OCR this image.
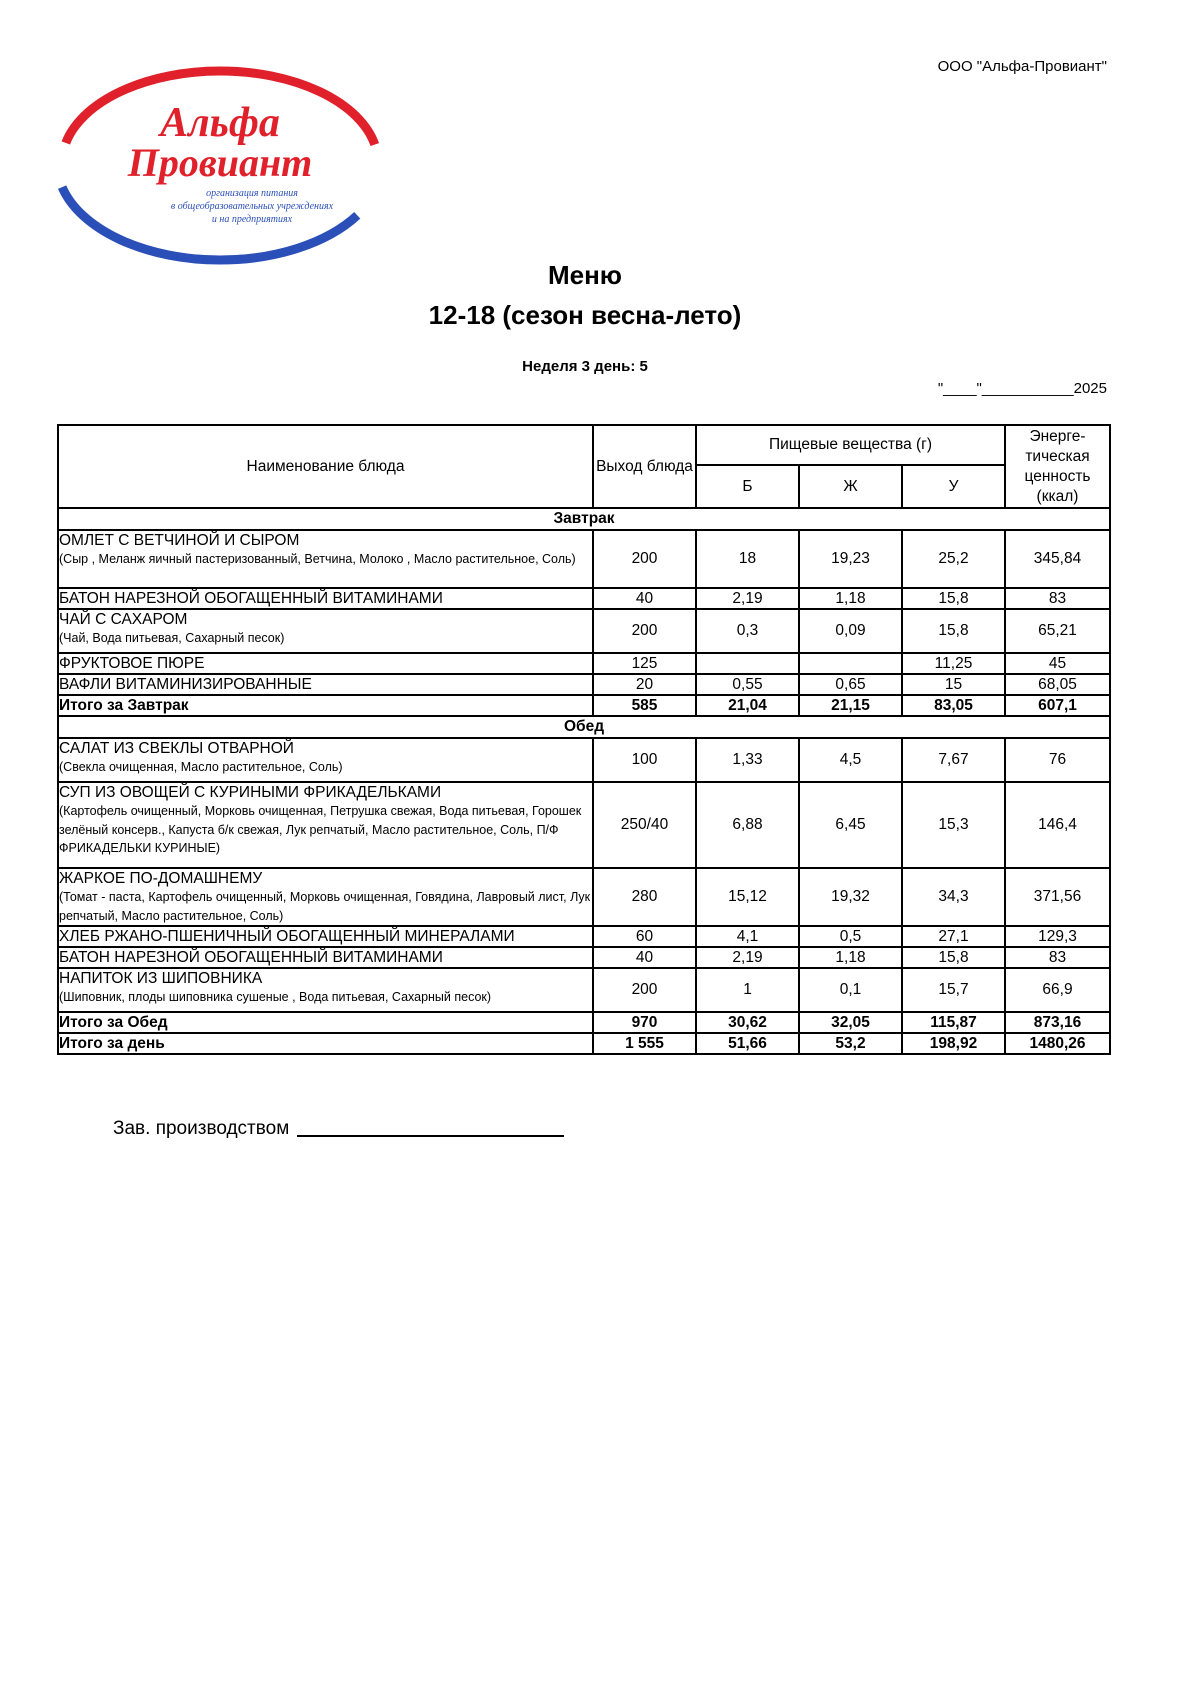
ООО "Альфа-Провиант"
Альфа
Провиант
организация питания
в общеобразовательных учреждениях
и на предприятиях
Меню
12-18 (сезон весна-лето)
Неделя 3 день: 5
"____"___________2025
Наименование блюда	Выход блюда	Пищевые вещества (г)			Энерге-тическая ценность (ккал)
		Б	Ж	У	
Завтрак					
ОМЛЕТ С ВЕТЧИНОЙ И СЫРОМ
(Сыр , Меланж яичный пастеризованный, Ветчина, Молоко , Масло растительное, Соль)	200	18	19,23	25,2	345,84
БАТОН НАРЕЗНОЙ ОБОГАЩЕННЫЙ ВИТАМИНАМИ	40	2,19	1,18	15,8	83
ЧАЙ С САХАРОМ
(Чай, Вода питьевая, Сахарный песок)	200	0,3	0,09	15,8	65,21
ФРУКТОВОЕ ПЮРЕ	125			11,25	45
ВАФЛИ ВИТАМИНИЗИРОВАННЫЕ	20	0,55	0,65	15	68,05
Итого за Завтрак	585	21,04	21,15	83,05	607,1
Обед					
САЛАТ ИЗ СВЕКЛЫ ОТВАРНОЙ
(Свекла очищенная, Масло растительное, Соль)	100	1,33	4,5	7,67	76
СУП ИЗ ОВОЩЕЙ С КУРИНЫМИ ФРИКАДЕЛЬКАМИ
(Картофель очищенный, Морковь очищенная, Петрушка свежая, Вода питьевая, Горошек зелёный консерв., Капуста б/к свежая, Лук репчатый, Масло растительное, Соль, П/Ф ФРИКАДЕЛЬКИ КУРИНЫЕ)	250/40	6,88	6,45	15,3	146,4
ЖАРКОЕ ПО-ДОМАШНЕМУ
(Томат - паста, Картофель очищенный, Морковь очищенная, Говядина, Лавровый лист, Лук репчатый, Масло растительное, Соль)	280	15,12	19,32	34,3	371,56
ХЛЕБ РЖАНО-ПШЕНИЧНЫЙ ОБОГАЩЕННЫЙ МИНЕРАЛАМИ	60	4,1	0,5	27,1	129,3
БАТОН НАРЕЗНОЙ ОБОГАЩЕННЫЙ ВИТАМИНАМИ	40	2,19	1,18	15,8	83
НАПИТОК ИЗ ШИПОВНИКА
(Шиповник, плоды шиповника сушеные , Вода питьевая, Сахарный песок)	200	1	0,1	15,7	66,9
Итого за Обед	970	30,62	32,05	115,87	873,16
Итого за день	1 555	51,66	53,2	198,92	1480,26
Зав. производством
